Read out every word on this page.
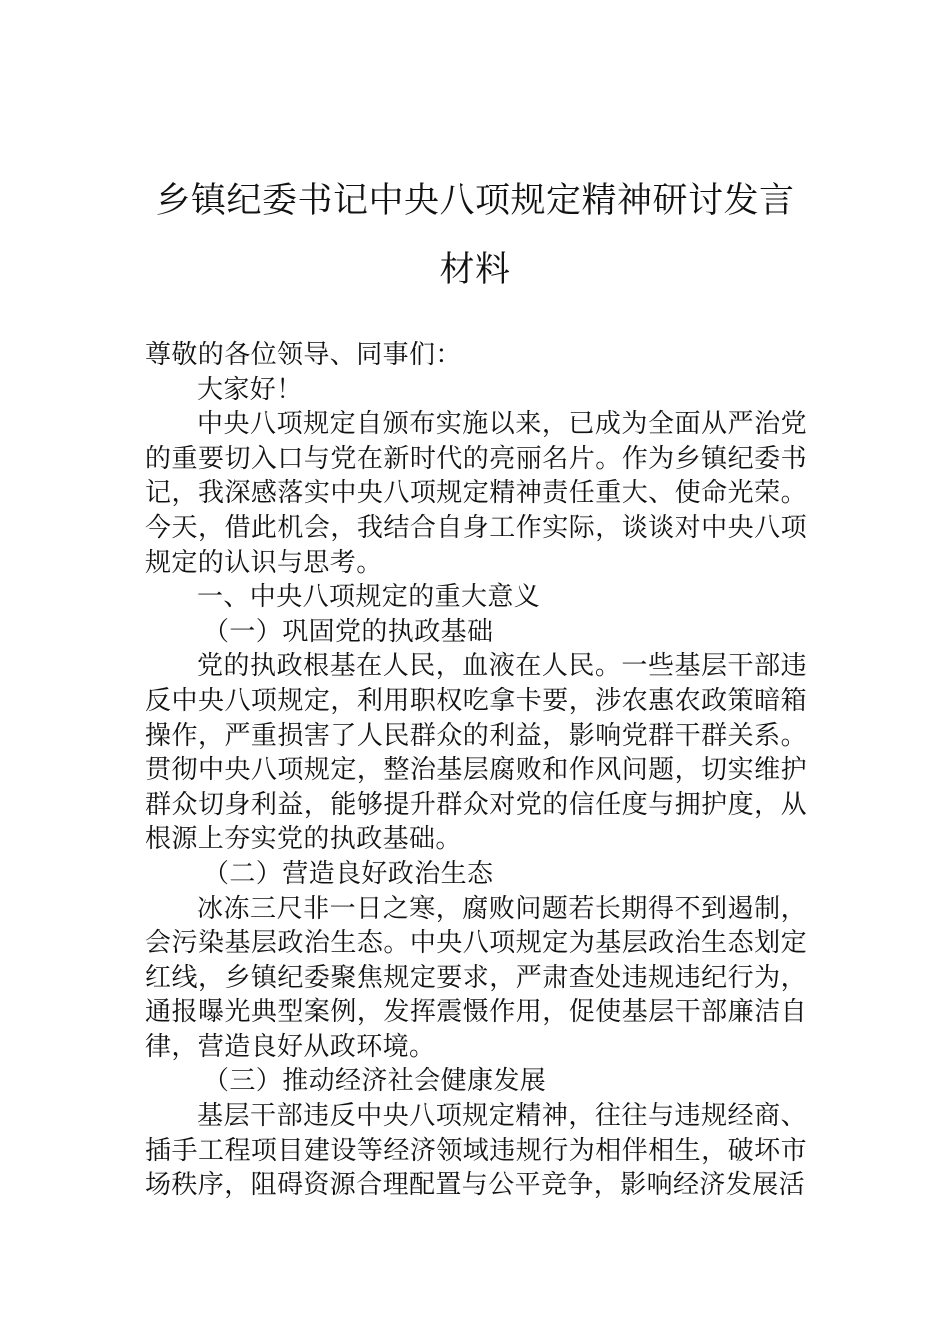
乡镇纪委书记中央八项规定精神研讨发言
材料

尊敬的各位领导、同事们：

大家好！

中央八项规定自颁布实施以来，已成为全面从严治党的重要切入口与党在新时代的亮丽名片。作为乡镇纪委书记，我深感落实中央八项规定精神责任重大、使命光荣。今天，借此机会，我结合自身工作实际，谈谈对中央八项规定的认识与思考。

一、中央八项规定的重大意义

（一）巩固党的执政基础

党的执政根基在人民，血液在人民。一些基层干部违反中央八项规定，利用职权吃拿卡要，涉农惠农政策暗箱操作，严重损害了人民群众的利益，影响党群干群关系。贯彻中央八项规定，整治基层腐败和作风问题，切实维护群众切身利益，能够提升群众对党的信任度与拥护度，从根源上夯实党的执政基础。

（二）营造良好政治生态

冰冻三尺非一日之寒，腐败问题若长期得不到遏制，会污染基层政治生态。中央八项规定为基层政治生态划定红线，乡镇纪委聚焦规定要求，严肃查处违规违纪行为，通报曝光典型案例，发挥震慑作用，促使基层干部廉洁自律，营造良好从政环境。

（三）推动经济社会健康发展

基层干部违反中央八项规定精神，往往与违规经商、插手工程项目建设等经济领域违规行为相伴相生，破坏市场秩序，阻碍资源合理配置与公平竞争，影响经济发展活
